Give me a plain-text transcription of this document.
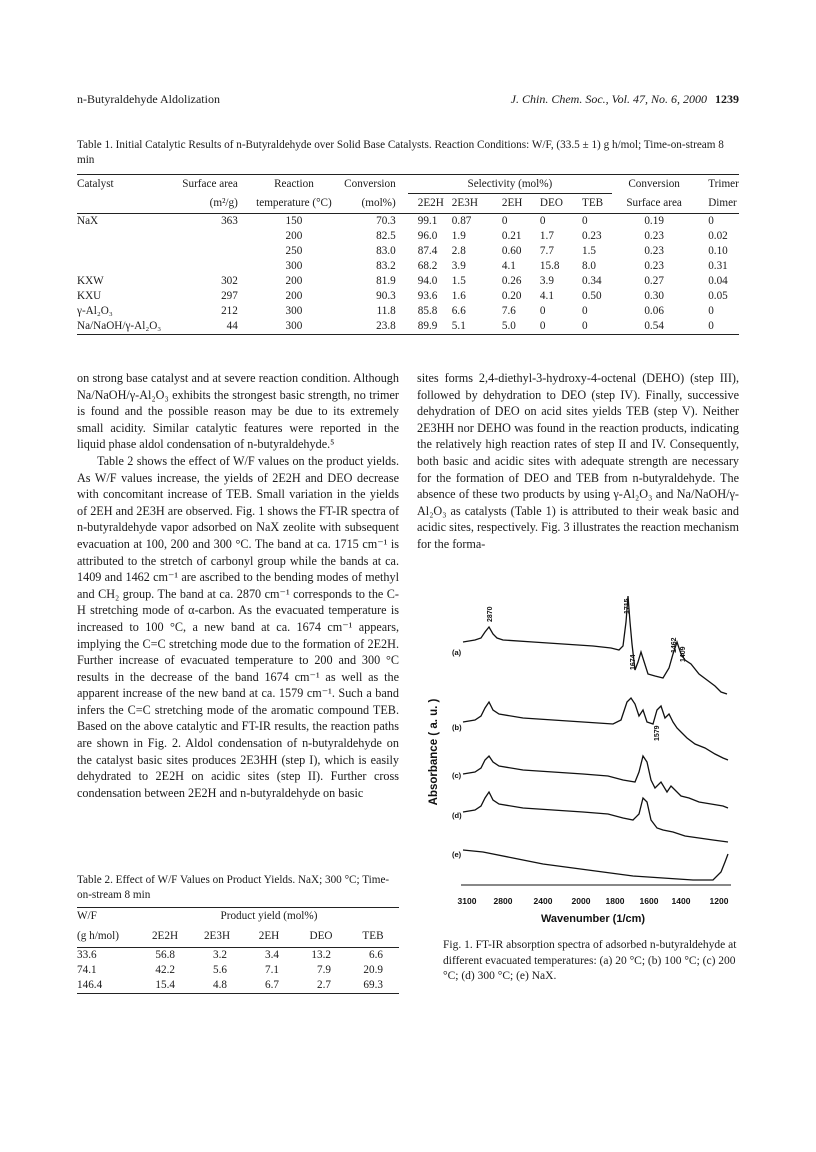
n-Butyraldehyde Aldolization	J. Chin. Chem. Soc., Vol. 47, No. 6, 2000 1239
Table 1. Initial Catalytic Results of n-Butyraldehyde over Solid Base Catalysts. Reaction Conditions: W/F, (33.5 ± 1) g h/mol; Time-on-stream 8 min
Catalyst	Surface area	Reaction	Conversion	Selectivity (mol%)					Conversion	Trimer
	(m²/g)	temperature (°C)	(mol%)	2E2H	2E3H	2EH	DEO	TEB	Surface area	Dimer
NaX	363	150	70.3	99.1	0.87	0	0	0	0.19	0
		200	82.5	96.0	1.9	0.21	1.7	0.23	0.23	0.02
		250	83.0	87.4	2.8	0.60	7.7	1.5	0.23	0.10
		300	83.2	68.2	3.9	4.1	15.8	8.0	0.23	0.31
KXW	302	200	81.9	94.0	1.5	0.26	3.9	0.34	0.27	0.04
KXU	297	200	90.3	93.6	1.6	0.20	4.1	0.50	0.30	0.05
γ-Al₂O₃	212	300	11.8	85.8	6.6	7.6	0	0	0.06	0
Na/NaOH/γ-Al₂O₃	44	300	23.8	89.9	5.1	5.0	0	0	0.54	0

on strong base catalyst and at severe reaction condition. Although Na/NaOH/γ-Al₂O₃ exhibits the strongest basic strength, no trimer is found and the possible reason may be due to its extremely small acidity. Similar catalytic features were reported in the liquid phase aldol condensation of n-butyraldehyde.⁵

Table 2 shows the effect of W/F values on the product yields. As W/F values increase, the yields of 2E2H and DEO decrease with concomitant increase of TEB. Small variation in the yields of 2EH and 2E3H are observed. Fig. 1 shows the FT-IR spectra of n-butyraldehyde vapor adsorbed on NaX zeolite with subsequent evacuation at 100, 200 and 300 °C. The band at ca. 1715 cm⁻¹ is attributed to the stretch of carbonyl group while the bands at ca. 1409 and 1462 cm⁻¹ are ascribed to the bending modes of methyl and CH₂ group. The band at ca. 2870 cm⁻¹ corresponds to the C-H stretching mode of α-carbon. As the evacuated temperature is increased to 100 °C, a new band at ca. 1674 cm⁻¹ appears, implying the C=C stretching mode due to the formation of 2E2H. Further increase of evacuated temperature to 200 and 300 °C results in the decrease of the band 1674 cm⁻¹ as well as the apparent increase of the new band at ca. 1579 cm⁻¹. Such a band infers the C=C stretching mode of the aromatic compound TEB. Based on the above catalytic and FT-IR results, the reaction paths are shown in Fig. 2. Aldol condensation of n-butyraldehyde on the catalyst basic sites produces 2E3HH (step I), which is easily dehydrated to 2E2H on acidic sites (step II). Further cross condensation between 2E2H and n-butyraldehyde on basic

sites forms 2,4-diethyl-3-hydroxy-4-octenal (DEHO) (step III), followed by dehydration to DEO (step IV). Finally, successive dehydration of DEO on acid sites yields TEB (step V). Neither 2E3HH nor DEHO was found in the reaction products, indicating the relatively high reaction rates of step II and IV. Consequently, both basic and acidic sites with adequate strength are necessary for the formation of DEO and TEB from n-butyraldehyde. The absence of these two products by using γ-Al₂O₃ and Na/NaOH/γ-Al₂O₃ as catalysts (Table 1) is attributed to their weak basic and acidic sites, respectively. Fig. 3 illustrates the reaction mechanism for the forma-

Table 2. Effect of W/F Values on Product Yields. NaX; 300 °C; Time-on-stream 8 min
W/F	Product yield (mol%)				
(g h/mol)	2E2H	2E3H	2EH	DEO	TEB
33.6	56.8	3.2	3.4	13.2	6.6
74.1	42.2	5.6	7.1	7.9	20.9
146.4	15.4	4.8	6.7	2.7	69.3
Absorbance ( a. u. )
Wavenumber (1/cm)
3100 2800 2400 2000 1800 1600 1400 1200
(a)
(b)
(c)
(d)
(e)
2870
1715
1674
1462
1409
1579
Fig. 1. FT-IR absorption spectra of adsorbed n-butyraldehyde at different evacuated temperatures: (a) 20 °C; (b) 100 °C; (c) 200 °C; (d) 300 °C; (e) NaX.
